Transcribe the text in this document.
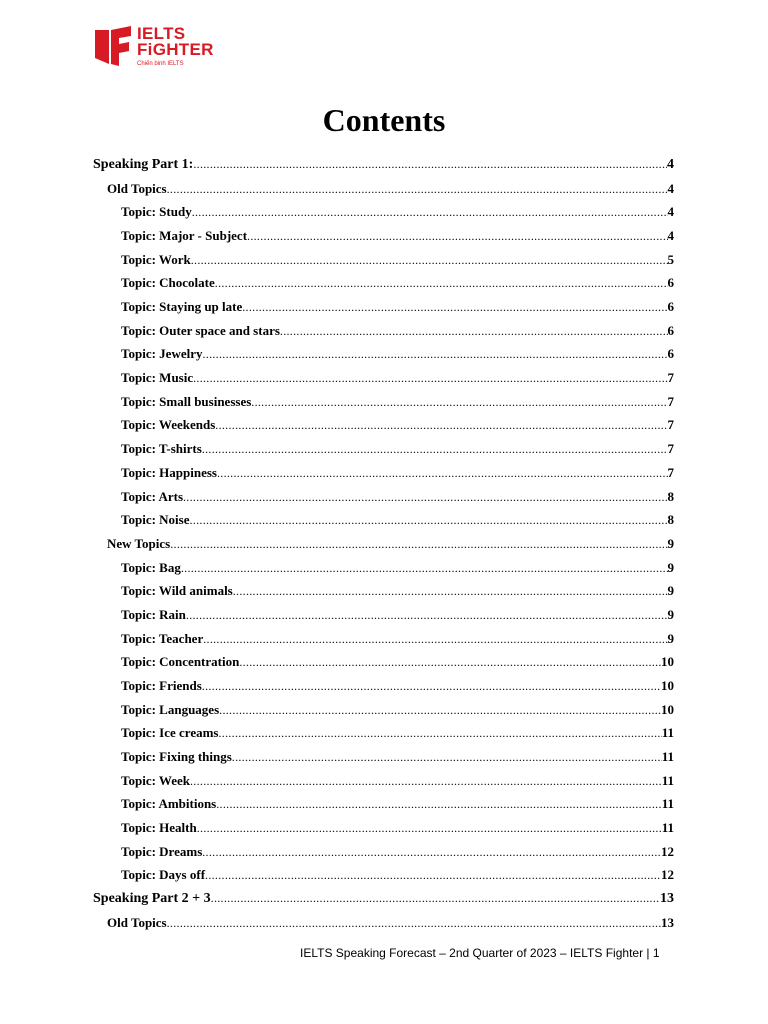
IELTS
FiGHTER
Chiến binh IELTS
Contents
Speaking Part 1: .....	4
Old Topics .....	4
Topic: Study .....	4
Topic: Major - Subject .....	4
Topic: Work .....	5
Topic: Chocolate .....	6
Topic: Staying up late .....	6
Topic: Outer space and stars .....	6
Topic: Jewelry .....	6
Topic: Music .....	7
Topic: Small businesses .....	7
Topic: Weekends .....	7
Topic: T-shirts .....	7
Topic: Happiness .....	7
Topic: Arts .....	8
Topic: Noise .....	8
New Topics .....	9
Topic: Bag .....	9
Topic: Wild animals .....	9
Topic: Rain .....	9
Topic: Teacher .....	9
Topic: Concentration .....	10
Topic: Friends .....	10
Topic: Languages .....	10
Topic: Ice creams .....	11
Topic: Fixing things .....	11
Topic: Week .....	11
Topic: Ambitions .....	11
Topic: Health .....	11
Topic: Dreams .....	12
Topic: Days off .....	12
Speaking Part 2 + 3 .....	13
Old Topics .....	13
IELTS Speaking Forecast – 2nd Quarter of 2023 – IELTS Fighter | 1
